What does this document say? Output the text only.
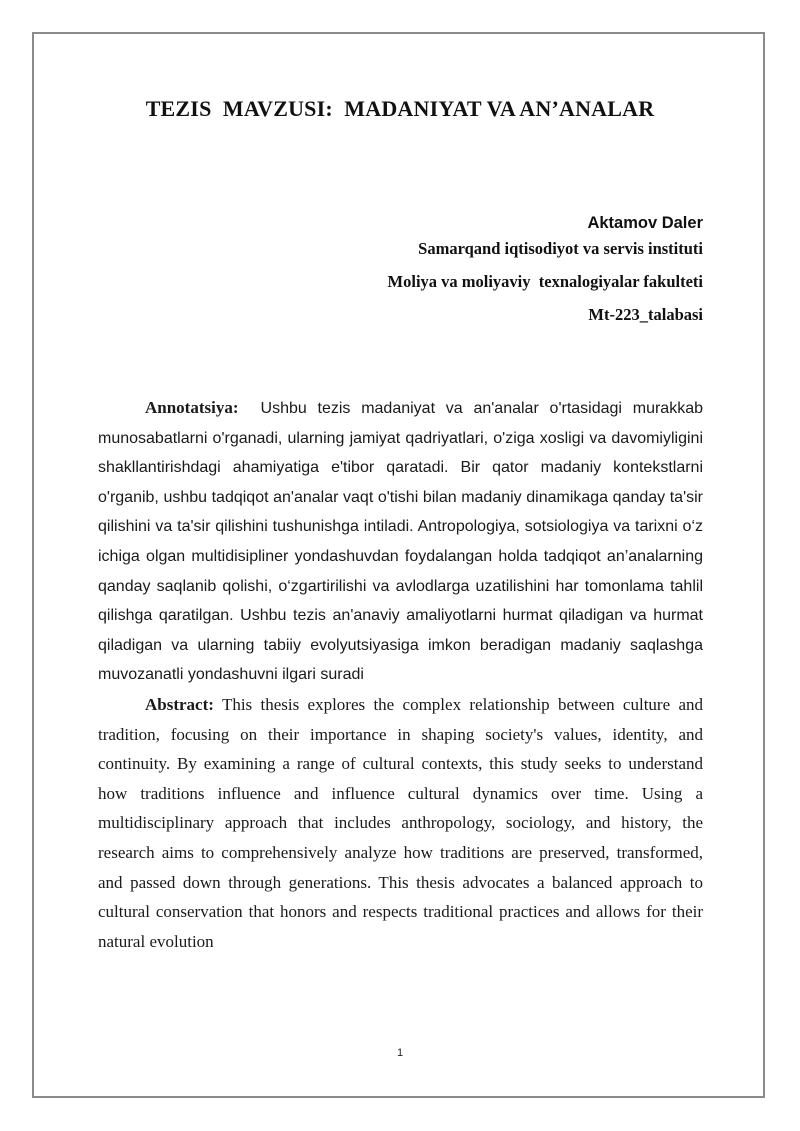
TEZIS  MAVZUSI:  MADANIYAT VA AN’ANALAR
Aktamov Daler
Samarqand iqtisodiyot va servis instituti
Moliya va moliyaviy  texnalogiyalar fakulteti
Mt-223_talabasi

Annotatsiya: Ushbu tezis madaniyat va an'analar o'rtasidagi murakkab munosabatlarni o'rganadi, ularning jamiyat qadriyatlari, o'ziga xosligi va davomiyligini shakllantirishdagi ahamiyatiga e'tibor qaratadi. Bir qator madaniy kontekstlarni o'rganib, ushbu tadqiqot an'analar vaqt o'tishi bilan madaniy dinamikaga qanday ta'sir qilishini va ta'sir qilishini tushunishga intiladi. Antropologiya, sotsiologiya va tarixni o‘z ichiga olgan multidisipliner yondashuvdan foydalangan holda tadqiqot an’analarning qanday saqlanib qolishi, o‘zgartirilishi va avlodlarga uzatilishini har tomonlama tahlil qilishga qaratilgan. Ushbu tezis an'anaviy amaliyotlarni hurmat qiladigan va hurmat qiladigan va ularning tabiiy evolyutsiyasiga imkon beradigan madaniy saqlashga muvozanatli yondashuvni ilgari suradi

Abstract: This thesis explores the complex relationship between culture and tradition, focusing on their importance in shaping society's values, identity, and continuity. By examining a range of cultural contexts, this study seeks to understand how traditions influence and influence cultural dynamics over time. Using a multidisciplinary approach that includes anthropology, sociology, and history, the research aims to comprehensively analyze how traditions are preserved, transformed, and passed down through generations. This thesis advocates a balanced approach to cultural conservation that honors and respects traditional practices and allows for their natural evolution

1
